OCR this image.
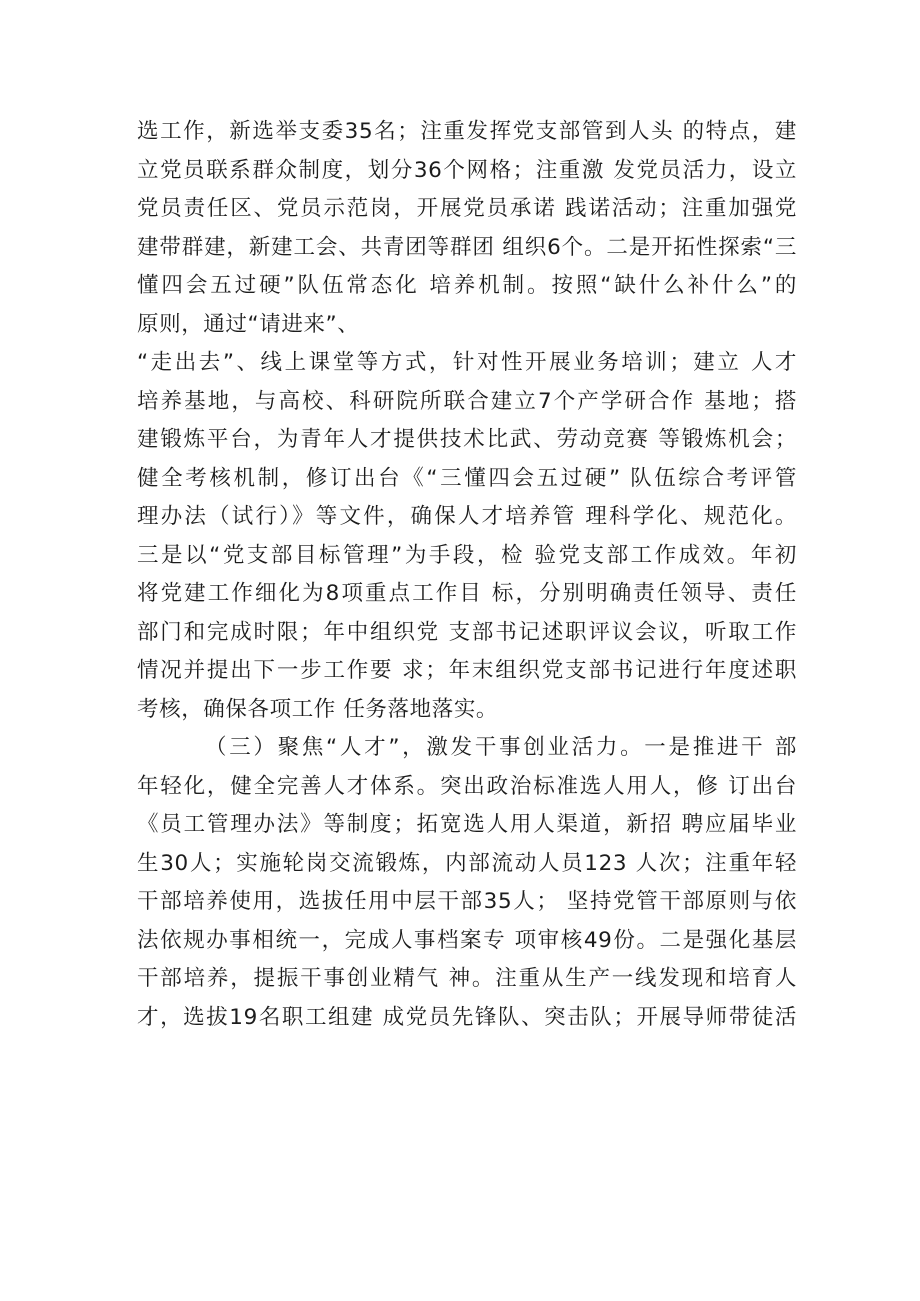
选工作，新选举支委35名；注重发挥党支部管到人头 的特点，建
立党员联系群众制度，划分36个网格；注重激 发党员活力，设立
党员责任区、党员示范岗，开展党员承诺 践诺活动；注重加强党
建带群建，新建工会、共青团等群团 组织6个。二是开拓性探索“三
懂四会五过硬”队伍常态化 培养机制。按照“缺什么补什么”的
原则，通过“请进来”、
“走出去”、线上课堂等方式，针对性开展业务培训；建立 人才
培养基地，与高校、科研院所联合建立7个产学研合作 基地；搭
建锻炼平台，为青年人才提供技术比武、劳动竞赛 等锻炼机会；
健全考核机制，修订出台《“三懂四会五过硬” 队伍综合考评管
理办法（试行）》等文件，确保人才培养管 理科学化、规范化。
三是以“党支部目标管理”为手段，检 验党支部工作成效。年初
将党建工作细化为8项重点工作目 标，分别明确责任领导、责任
部门和完成时限；年中组织党 支部书记述职评议会议，听取工作
情况并提出下一步工作要 求；年末组织党支部书记进行年度述职
考核，确保各项工作 任务落地落实。
（三）聚焦“人才”，激发干事创业活力。一是推进干 部
年轻化，健全完善人才体系。突出政治标准选人用人，修 订出台
《员工管理办法》等制度；拓宽选人用人渠道，新招 聘应届毕业
生30人；实施轮岗交流锻炼，内部流动人员123 人次；注重年轻
干部培养使用，选拔任用中层干部35人； 坚持党管干部原则与依
法依规办事相统一，完成人事档案专 项审核49份。二是强化基层
干部培养，提振干事创业精气 神。注重从生产一线发现和培育人
才，选拔19名职工组建 成党员先锋队、突击队；开展导师带徒活
